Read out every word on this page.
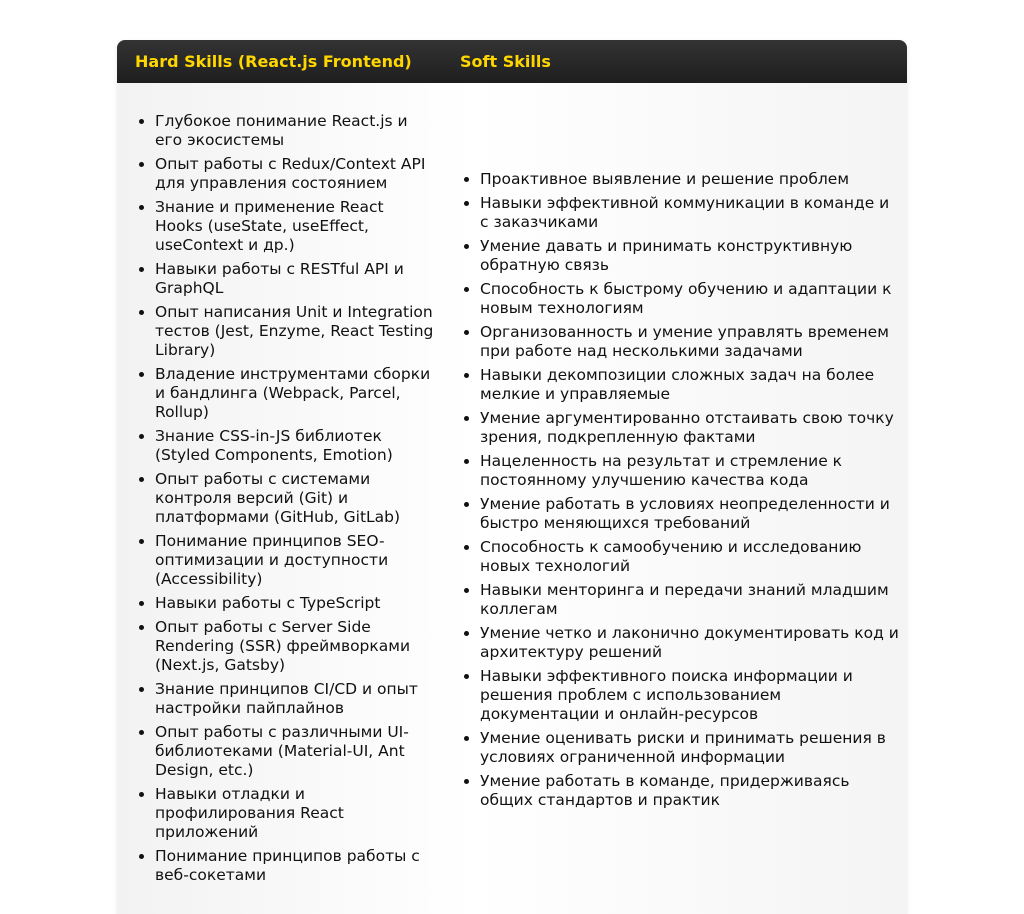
Hard Skills (React.js Frontend)	Soft Skills
• Глубокое понимание React.js и его экосистемы
• Опыт работы с Redux/Context API для управления состоянием
• Знание и применение React Hooks (useState, useEffect, useContext и др.)
• Навыки работы с RESTful API и GraphQL
• Опыт написания Unit и Integration тестов (Jest, Enzyme, React Testing Library)
• Владение инструментами сборки и бандлинга (Webpack, Parcel, Rollup)
• Знание CSS-in-JS библиотек (Styled Components, Emotion)
• Опыт работы с системами контроля версий (Git) и платформами (GitHub, GitLab)
• Понимание принципов SEO-оптимизации и доступности (Accessibility)
• Навыки работы с TypeScript
• Опыт работы с Server Side Rendering (SSR) фреймворками (Next.js, Gatsby)
• Знание принципов CI/CD и опыт настройки пайплайнов
• Опыт работы с различными UI-библиотеками (Material-UI, Ant Design, etc.)
• Навыки отладки и профилирования React приложений
• Понимание принципов работы с веб-сокетами
• Проактивное выявление и решение проблем
• Навыки эффективной коммуникации в команде и с заказчиками
• Умение давать и принимать конструктивную обратную связь
• Способность к быстрому обучению и адаптации к новым технологиям
• Организованность и умение управлять временем при работе над несколькими задачами
• Навыки декомпозиции сложных задач на более мелкие и управляемые
• Умение аргументированно отстаивать свою точку зрения, подкрепленную фактами
• Нацеленность на результат и стремление к постоянному улучшению качества кода
• Умение работать в условиях неопределенности и быстро меняющихся требований
• Способность к самообучению и исследованию новых технологий
• Навыки менторинга и передачи знаний младшим коллегам
• Умение четко и лаконично документировать код и архитектуру решений
• Навыки эффективного поиска информации и решения проблем с использованием документации и онлайн-ресурсов
• Умение оценивать риски и принимать решения в условиях ограниченной информации
• Умение работать в команде, придерживаясь общих стандартов и практик
